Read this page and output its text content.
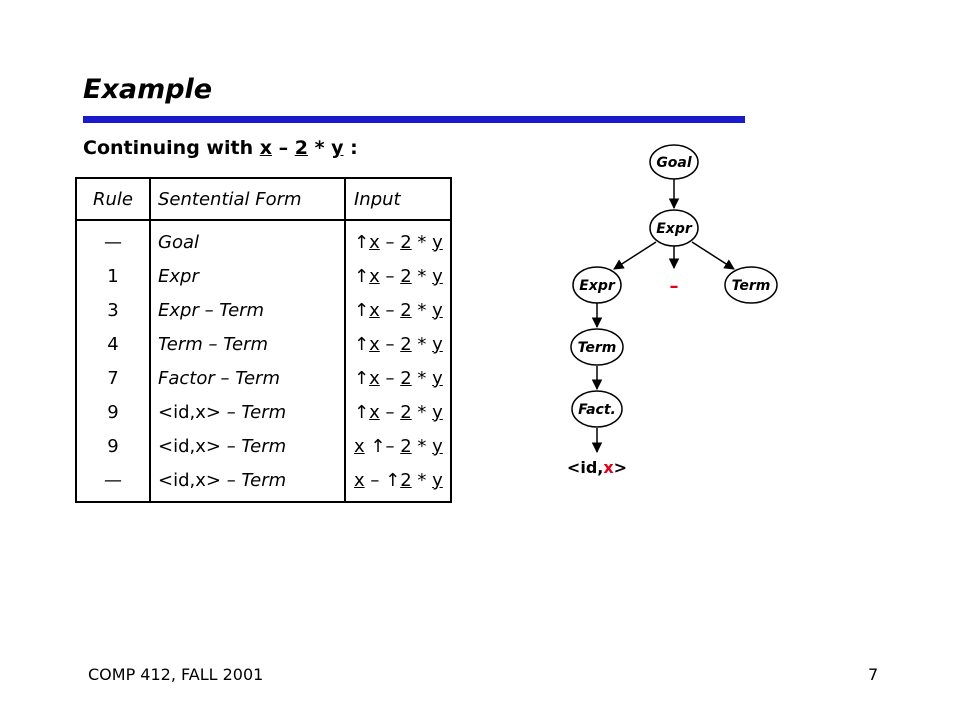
Example
Continuing with x – 2 * y :
Rule	Sentential Form	Input
—	Goal	↑x – 2 * y
1	Expr	↑x – 2 * y
3	Expr – Term	↑x – 2 * y
4	Term – Term	↑x – 2 * y
7	Factor – Term	↑x – 2 * y
9	<id,x> – Term	↑x – 2 * y
9	<id,x> – Term	x ↑– 2 * y
—	<id,x> – Term	x – ↑2 * y
Goal
Expr
Expr	–	Term
Term
Fact.
<id,x>
COMP 412, FALL 2001	7
